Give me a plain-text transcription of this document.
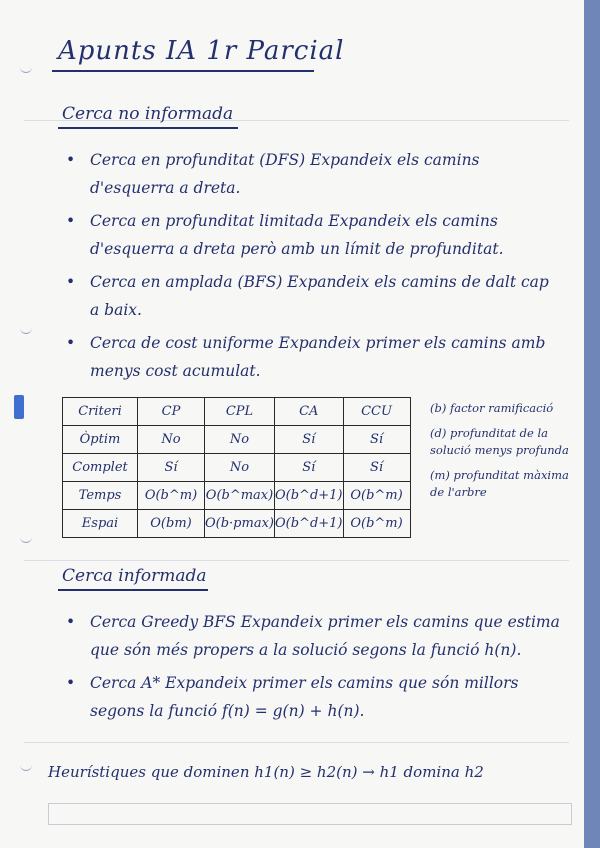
Apunts IA 1r Parcial
Cerca no informada
• Cerca en profunditat (DFS) Expandeix els camins d'esquerra a dreta.
• Cerca en profunditat limitada Expandeix els camins d'esquerra a dreta però amb un límit de profunditat.
• Cerca en amplada (BFS) Expandeix els camins de dalt cap a baix.
• Cerca de cost uniforme Expandeix primer els camins amb menys cost acumulat.
Criteri	CP	CPL	CA	CCU
Òptim	No	No	Sí	Sí
Complet	Sí	No	Sí	Sí
Temps	O(b^m)	O(b^max)	O(b^d+1)	O(b^m)
Espai	O(bm)	O(b·pmax)	O(b^d+1)	O(b^m)
(b) factor ramificació
(d) profunditat de la solució menys profunda
(m) profunditat màxima de l'arbre
Cerca informada
• Cerca Greedy BFS Expandeix primer els camins que estima que són més propers a la solució segons la funció h(n).
• Cerca A* Expandeix primer els camins que són millors segons la funció f(n) = g(n) + h(n).
Heurístiques que dominen h1(n) ≥ h2(n) → h1 domina h2
